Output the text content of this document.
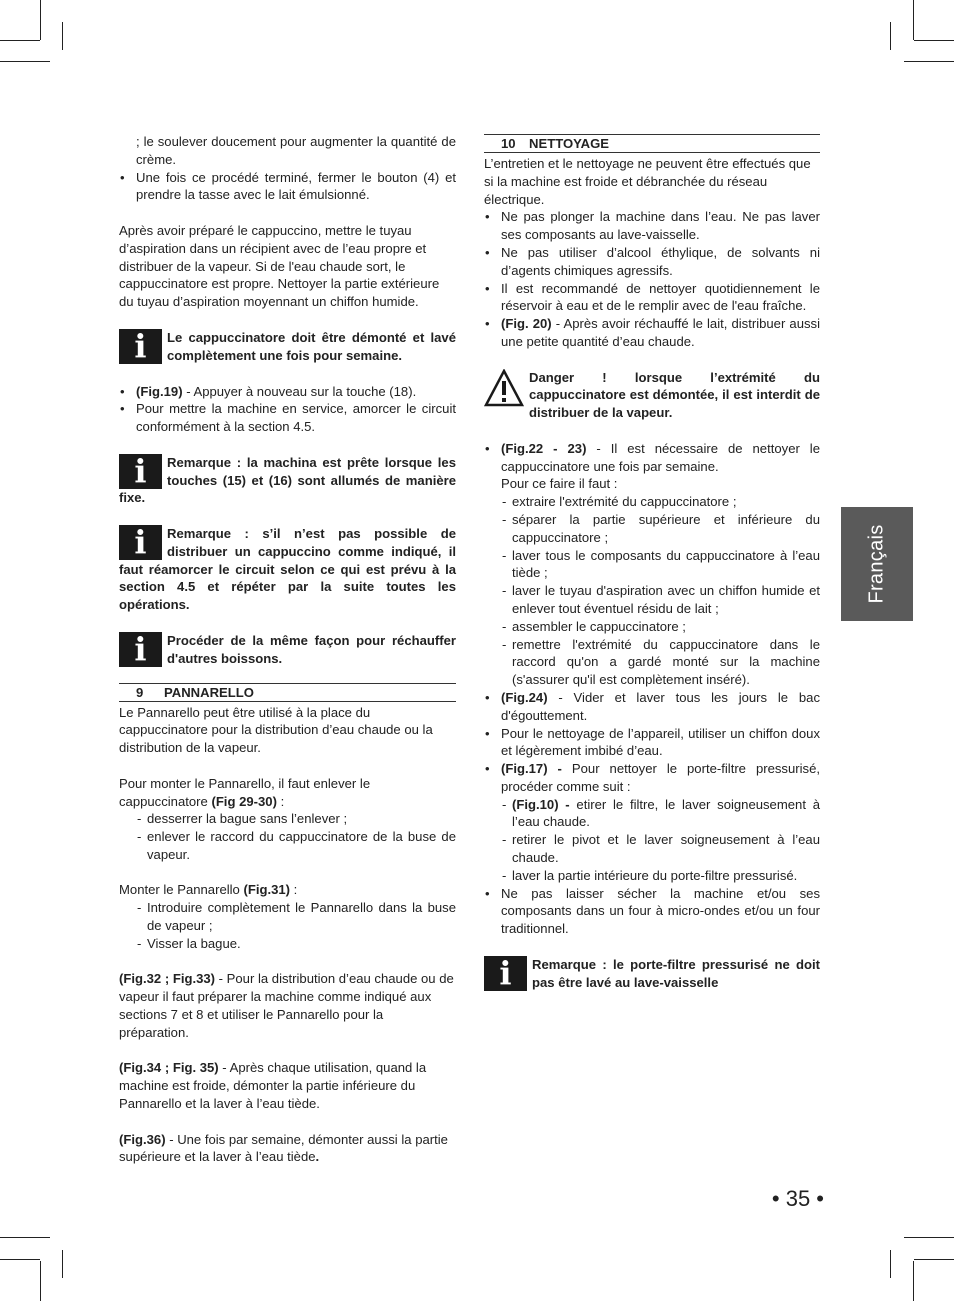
; le soulever doucement pour augmenter la quantité de crème.

• Une fois ce procédé terminé, fermer le bouton (4) et prendre la tasse avec le lait émulsionné.

Après avoir préparé le cappuccino, mettre le tuyau d’aspiration dans un récipient avec de l’eau propre et distribuer de la vapeur. Si de l'eau chaude sort, le cappuccinatore est propre. Nettoyer la partie extérieure du tuyau d’aspiration moyennant un chiffon humide.

i	Le cappuccinatore doit être démonté et lavé complètement une fois pour semaine.
• (Fig.19) - Appuyer à nouveau sur la touche (18).
• Pour mettre la machine en service, amorcer le circuit conformément à la section 4.5.
i	Remarque : la machina est prête lorsque les touches (15) et (16) sont allumés de manière fixe.
i	Remarque : s’il n’est pas possible de distribuer un cappuccino comme indiqué, il faut réamorcer le circuit selon ce qui est prévu à la section 4.5 et répéter par la suite toutes les opérations.
i	Procéder de la même façon pour réchauffer d'autres boissons.
9 PANNARELLO

Le Pannarello peut être utilisé à la place du cappuccinatore pour la distribution d’eau chaude ou la distribution de la vapeur.

Pour monter le Pannarello, il faut enlever le cappuccinatore (Fig 29-30) :

- desserrer la bague sans l’enlever ;
- enlever le raccord du cappuccinatore de la buse de vapeur.

Monter le Pannarello (Fig.31) :

- Introduire complètement le Pannarello dans la buse de vapeur ;
- Visser la bague.

(Fig.32 ; Fig.33) - Pour la distribution d’eau chaude ou de vapeur il faut préparer la machine comme indiqué aux sections 7 et 8 et utiliser le Pannarello pour la préparation.

(Fig.34 ; Fig. 35) - Après chaque utilisation, quand la machine est froide, démonter la partie inférieure du Pannarello et la laver à l’eau tiède.

(Fig.36) - Une fois par semaine, démonter aussi la partie supérieure et la laver à l’eau tiède.

10 NETTOYAGE

L’entretien et le nettoyage ne peuvent être effectués que si la machine est froide et débranchée du réseau électrique.

• Ne pas plonger la machine dans l’eau. Ne pas laver ses composants au lave-vaisselle.
• Ne pas utiliser d’alcool éthylique, de solvants ni d’agents chimiques agressifs.
• Il est recommandé de nettoyer quotidiennement le réservoir à eau et de le remplir avec de l'eau fraîche.
• (Fig. 20) - Après avoir réchauffé le lait, distribuer aussi une petite quantité d’eau chaude.
Danger ! lorsque l’extrémité du cappuccinatore est démontée, il est interdit de distribuer de la vapeur.
• (Fig.22 - 23) - Il est nécessaire de nettoyer le cappuccinatore une fois par semaine.
Pour ce faire il faut :
- extraire l'extrémité du cappuccinatore ;
- séparer la partie supérieure et inférieure du cappuccinatore ;
- laver tous le composants du cappuccinatore à l’eau tiède ;
- laver le tuyau d'aspiration avec un chiffon humide et enlever tout éventuel résidu de lait ;
- assembler le cappuccinatore ;
- remettre l'extrémité du cappuccinatore dans le raccord qu'on a gardé monté sur la machine (s'assurer qu'il est complètement inséré).
• (Fig.24) - Vider et laver tous les jours le bac d'égouttement.
• Pour le nettoyage de l’appareil, utiliser un chiffon doux et légèrement imbibé d’eau.
• (Fig.17) - Pour nettoyer le porte-filtre pressurisé, procéder comme suit :
- (Fig.10) - etirer le filtre, le laver soigneusement à l’eau chaude.
- retirer le pivot et le laver soigneusement à l’eau chaude.
- laver la partie intérieure du porte-filtre pressurisé.
• Ne pas laisser sécher la machine et/ou ses composants dans un four à micro-ondes et/ou un four traditionnel.
i	Remarque : le porte-filtre pressurisé ne doit pas être lavé au lave-vaisselle
Français
• 35 •
